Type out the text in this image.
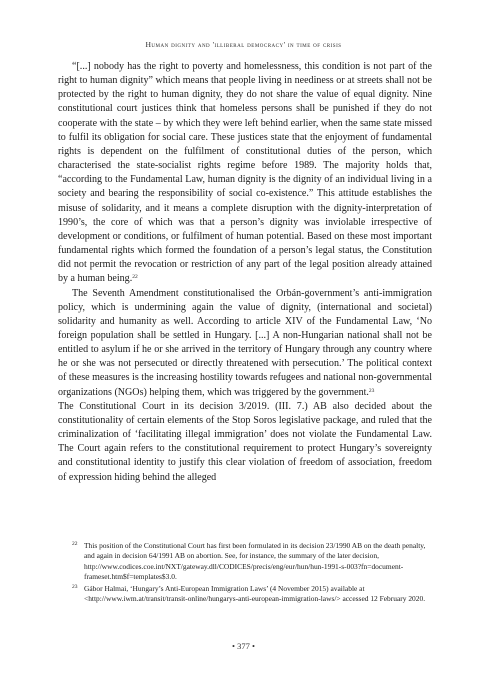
Human dignity and 'illiberal democracy' in time of crisis

“[...] nobody has the right to poverty and homelessness, this condition is not part of the right to human dignity” which means that people living in neediness or at streets shall not be protected by the right to human dignity, they do not share the value of equal dignity. Nine constitutional court justices think that homeless persons shall be punished if they do not cooperate with the state – by which they were left behind earlier, when the same state missed to fulfil its obligation for social care. These justices state that the enjoyment of fundamental rights is dependent on the fulfilment of constitutional duties of the person, which characterised the state-socialist rights regime before 1989. The majority holds that, “according to the Fundamental Law, human dignity is the dignity of an individual living in a society and bearing the responsibility of social co-existence.” This attitude establishes the misuse of solidarity, and it means a complete disruption with the dignity-interpretation of 1990’s, the core of which was that a person’s dignity was inviolable irrespective of development or conditions, or fulfilment of human potential. Based on these most important fundamental rights which formed the foundation of a person’s legal status, the Constitution did not permit the revocation or restriction of any part of the legal position already attained by a human being.$^{22}$

The Seventh Amendment constitutionalised the Orbán-government’s anti-immigration policy, which is undermining again the value of dignity, (international and societal) solidarity and humanity as well. According to article XIV of the Fundamental Law, ‘No foreign population shall be settled in Hungary. [...] A non-Hungarian national shall not be entitled to asylum if he or she arrived in the territory of Hungary through any country where he or she was not persecuted or directly threatened with persecution.’ The political context of these measures is the increasing hostility towards refugees and national non-governmental organizations (NGOs) helping them, which was triggered by the government.$^{23}$

The Constitutional Court in its decision 3/2019. (III. 7.) AB also decided about the constitutionality of certain elements of the Stop Soros legislative package, and ruled that the criminalization of ‘facilitating illegal immigration’ does not violate the Fundamental Law. The Court again refers to the constitutional requirement to protect Hungary’s sovereignty and constitutional identity to justify this clear violation of freedom of association, freedom of expression hiding behind the alleged

22 This position of the Constitutional Court has first been formulated in its decision 23/1990 AB on the death penalty, and again in decision 64/1991 AB on abortion. See, for instance, the summary of the later decision, http://www.codices.coe.int/NXT/gateway.dll/CODICES/precis/eng/eur/hun/hun-1991-s-003?fn=document-frameset.htm$f=templates$3.0.
23 Gábor Halmai, ‘Hungary’s Anti-European Immigration Laws’ (4 November 2015) available at <http://www.iwm.at/transit/transit-online/hungarys-anti-european-immigration-laws/> accessed 12 February 2020.
• 377 •
